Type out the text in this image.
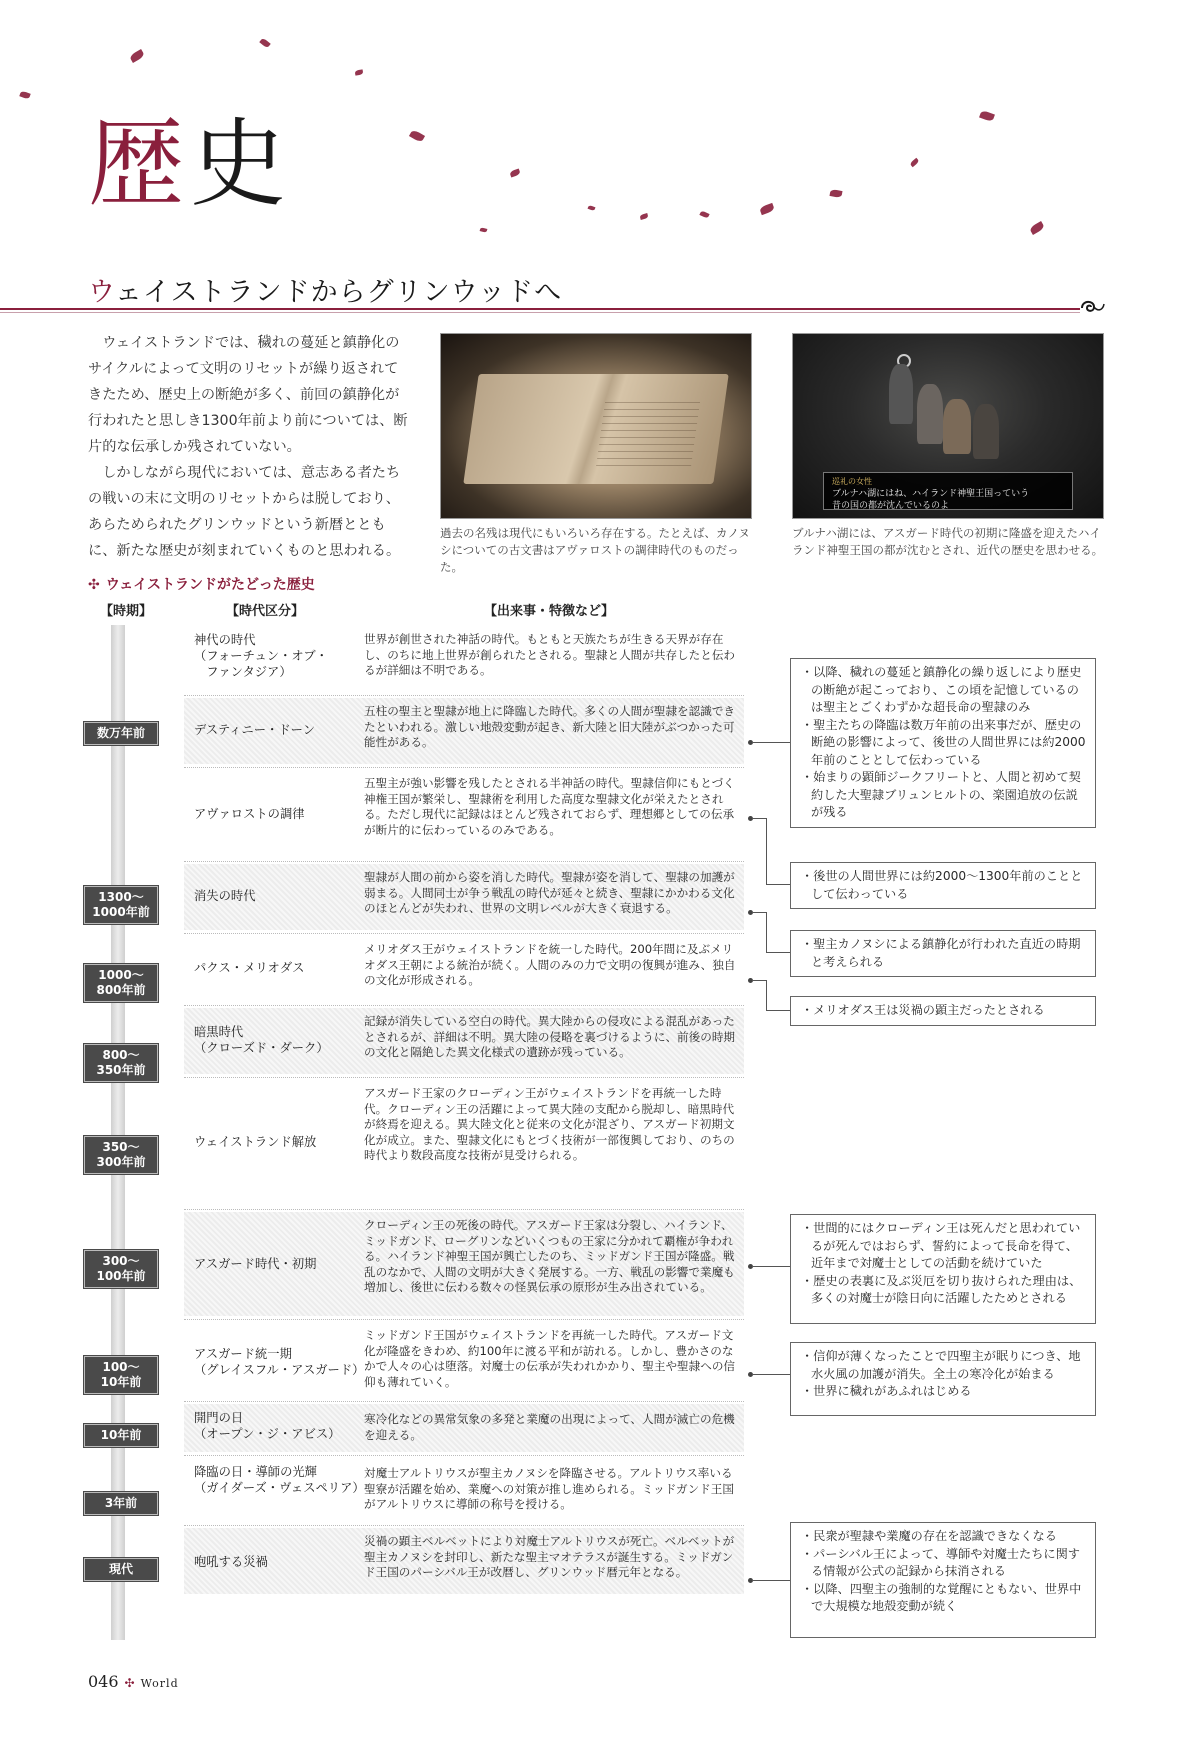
歴史
ウェイストランドからグリンウッドへ

ウェイストランドでは、穢れの蔓延と鎮静化のサイクルによって文明のリセットが繰り返されてきたため、歴史上の断絶が多く、前回の鎮静化が行われたと思しき1300年前より前については、断片的な伝承しか残されていない。

しかしながら現代においては、意志ある者たちの戦いの末に文明のリセットからは脱しており、あらためられたグリンウッドという新暦とともに、新たな歴史が刻まれていくものと思われる。

巡礼の女性
ブルナハ湖にはね、ハイランド神聖王国っていう
昔の国の都が沈んでいるのよ
過去の名残は現代にもいろいろ存在する。たとえば、カノヌシについての古文書はアヴァロストの調律時代のものだった。
ブルナハ湖には、アスガード時代の初期に隆盛を迎えたハイランド神聖王国の都が沈むとされ、近代の歴史を思わせる。
✣ ウェイストランドがたどった歴史
【時期】	【時代区分】	【出来事・特徴など】
神代の時代
（フォーチュン・オブ・
　ファンタジア）
世界が創世された神話の時代。もともと天族たちが生きる天界が存在し、のちに地上世界が創られたとされる。聖隷と人間が共存したと伝わるが詳細は不明である。
デスティニー・ドーン
五柱の聖主と聖隷が地上に降臨した時代。多くの人間が聖隷を認識できたといわれる。激しい地殻変動が起き、新大陸と旧大陸がぶつかった可能性がある。
アヴァロストの調律
五聖主が強い影響を残したとされる半神話の時代。聖隷信仰にもとづく神権王国が繁栄し、聖隷術を利用した高度な聖隷文化が栄えたとされる。ただし現代に記録はほとんど残されておらず、理想郷としての伝承が断片的に伝わっているのみである。
消失の時代
聖隷が人間の前から姿を消した時代。聖隷が姿を消して、聖隷の加護が弱まる。人間同士が争う戦乱の時代が延々と続き、聖隷にかかわる文化のほとんどが失われ、世界の文明レベルが大きく衰退する。
パクス・メリオダス
メリオダス王がウェイストランドを統一した時代。200年間に及ぶメリオダス王朝による統治が続く。人間のみの力で文明の復興が進み、独自の文化が形成される。
暗黒時代
（クローズド・ダーク）
記録が消失している空白の時代。異大陸からの侵攻による混乱があったとされるが、詳細は不明。異大陸の侵略を裏づけるように、前後の時期の文化と隔絶した異文化様式の遺跡が残っている。
ウェイストランド解放
アスガード王家のクローディン王がウェイストランドを再統一した時代。クローディン王の活躍によって異大陸の支配から脱却し、暗黒時代が終焉を迎える。異大陸文化と従来の文化が混ざり、アスガード初期文化が成立。また、聖隷文化にもとづく技術が一部復興しており、のちの時代より数段高度な技術が見受けられる。
アスガード時代・初期
クローディン王の死後の時代。アスガード王家は分裂し、ハイランド、ミッドガンド、ローグリンなどいくつもの王家に分かれて覇権が争われる。ハイランド神聖王国が興亡したのち、ミッドガンド王国が隆盛。戦乱のなかで、人間の文明が大きく発展する。一方、戦乱の影響で業魔も増加し、後世に伝わる数々の怪異伝承の原形が生み出されている。
アスガード統一期
（グレイスフル・アスガード）
ミッドガンド王国がウェイストランドを再統一した時代。アスガード文化が隆盛をきわめ、約100年に渡る平和が訪れる。しかし、豊かさのなかで人々の心は堕落。対魔士の伝承が失われかかり、聖主や聖隷への信仰も薄れていく。
開門の日
（オープン・ジ・アビス）
寒冷化などの異常気象の多発と業魔の出現によって、人間が滅亡の危機を迎える。
降臨の日・導師の光輝
（ガイダーズ・ヴェスペリア）
対魔士アルトリウスが聖主カノヌシを降臨させる。アルトリウス率いる聖寮が活躍を始め、業魔への対策が推し進められる。ミッドガンド王国がアルトリウスに導師の称号を授ける。
咆吼する災禍
災禍の顕主ベルベットにより対魔士アルトリウスが死亡。ベルベットが聖主カノヌシを封印し、新たな聖主マオテラスが誕生する。ミッドガンド王国のパーシバル王が改暦し、グリンウッド暦元年となる。
数万年前
1300〜
1000年前
1000〜
800年前
800〜
350年前
350〜
300年前
300〜
100年前
100〜
10年前
10年前
3年前
現代
・以降、穢れの蔓延と鎮静化の繰り返しにより歴史の断絶が起こっており、この頃を記憶しているのは聖主とごくわずかな超長命の聖隷のみ
・聖主たちの降臨は数万年前の出来事だが、歴史の断絶の影響によって、後世の人間世界には約2000年前のこととして伝わっている
・始まりの顕師ジークフリートと、人間と初めて契約した大聖隷ブリュンヒルトの、楽園追放の伝説が残る
・後世の人間世界には約2000〜1300年前のこととして伝わっている
・聖主カノヌシによる鎮静化が行われた直近の時期と考えられる
・メリオダス王は災禍の顕主だったとされる
・世間的にはクローディン王は死んだと思われているが死んではおらず、誓約によって長命を得て、近年まで対魔士としての活動を続けていた
・歴史の表裏に及ぶ災厄を切り抜けられた理由は、多くの対魔士が陰日向に活躍したためとされる
・信仰が薄くなったことで四聖主が眠りにつき、地水火風の加護が消失。全土の寒冷化が始まる
・世界に穢れがあふれはじめる
・民衆が聖隷や業魔の存在を認識できなくなる
・パーシバル王によって、導師や対魔士たちに関する情報が公式の記録から抹消される
・以降、四聖主の強制的な覚醒にともない、世界中で大規模な地殻変動が続く
046 ✣ World
